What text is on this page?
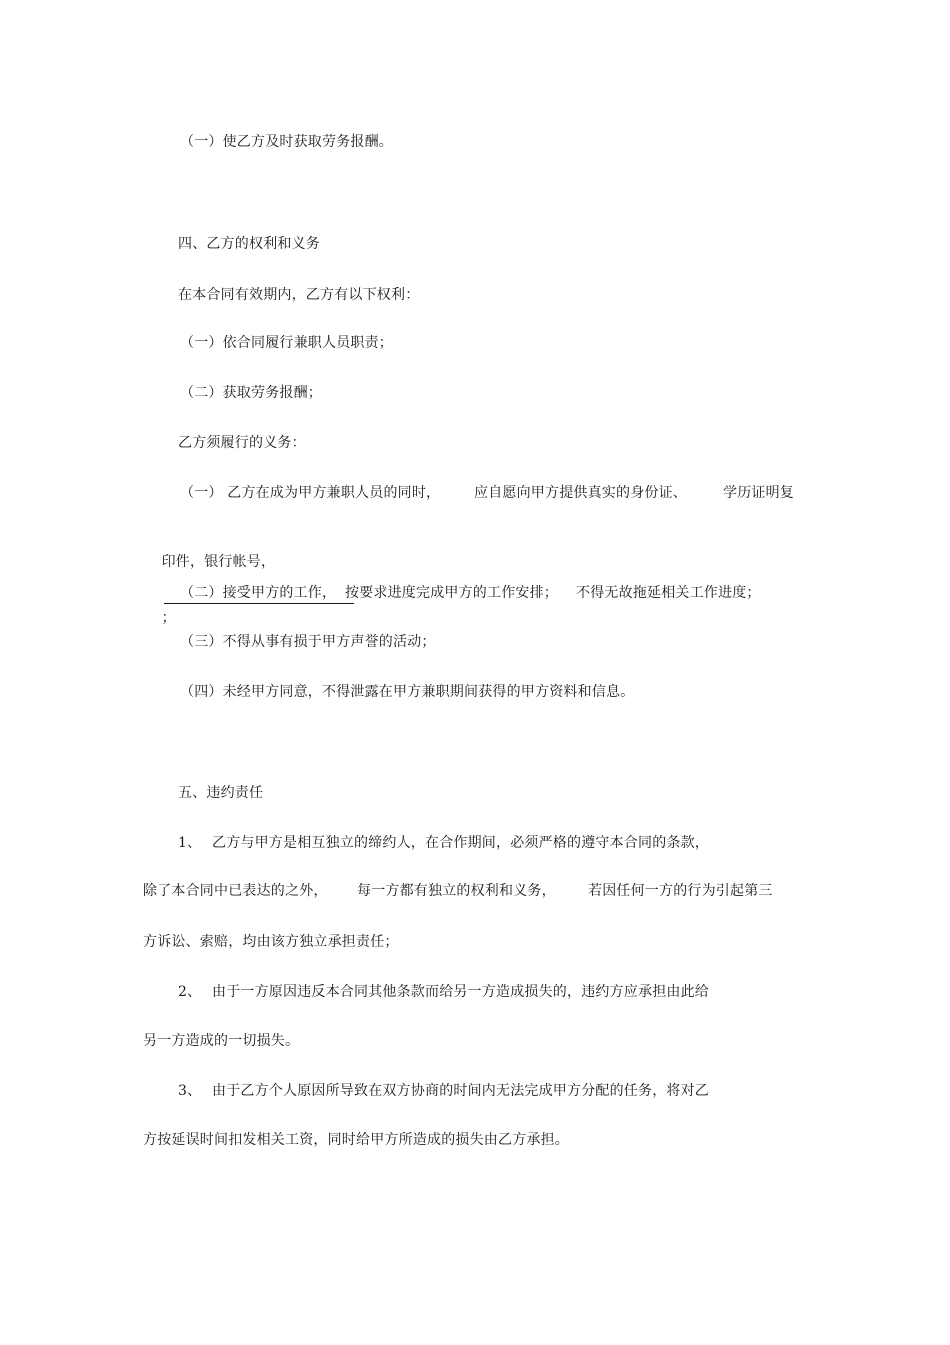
（一）使乙方及时获取劳务报酬。
四、乙方的权利和义务
在本合同有效期内，乙方有以下权利：
（一）依合同履行兼职人员职责；
（二）获取劳务报酬；
乙方须履行的义务：
（一） 乙方在成为甲方兼职人员的同时， 应自愿向甲方提供真实的身份证、	学历证明复

印件，银行帐号，

；

（二）接受甲方的工作， 按要求进度完成甲方的工作安排； 不得无故拖延相关工作进度；
（三）不得从事有损于甲方声誉的活动；
（四）未经甲方同意，不得泄露在甲方兼职期间获得的甲方资料和信息。
五、违约责任
1、 乙方与甲方是相互独立的缔约人，在合作期间，必须严格的遵守本合同的条款，
除了本合同中已表达的之外， 每一方都有独立的权利和义务， 若因任何一方的行为引起第三
方诉讼、索赔，均由该方独立承担责任；
2、 由于一方原因违反本合同其他条款而给另一方造成损失的，违约方应承担由此给
另一方造成的一切损失。
3、 由于乙方个人原因所导致在双方协商的时间内无法完成甲方分配的任务，将对乙
方按延误时间扣发相关工资，同时给甲方所造成的损失由乙方承担。
